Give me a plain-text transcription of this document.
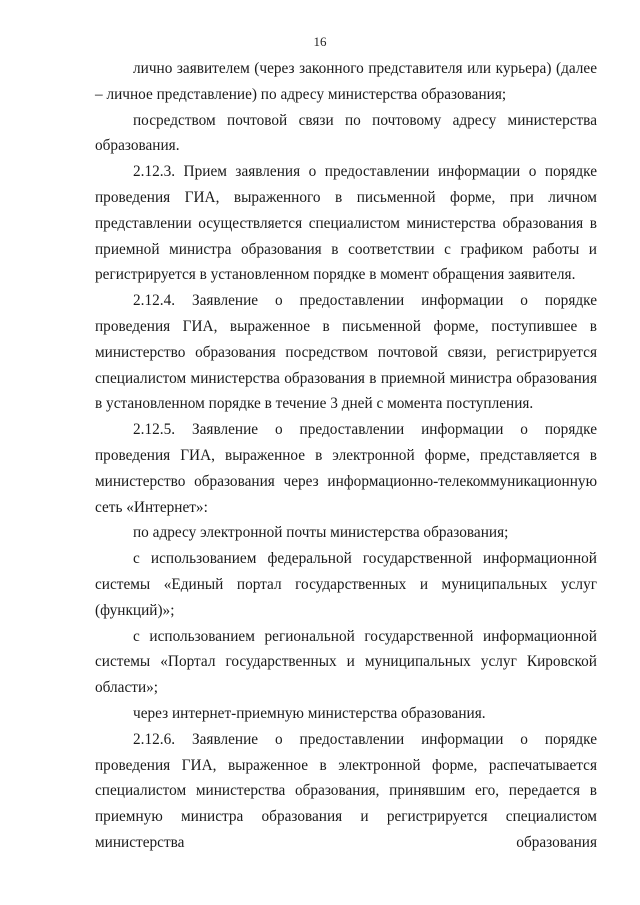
16

лично заявителем (через законного представителя или курьера) (далее – личное представление) по адресу министерства образования;

посредством почтовой связи по почтовому адресу министерства образования.

2.12.3. Прием заявления о предоставлении информации о порядке проведения ГИА, выраженного в письменной форме, при личном представлении осуществляется специалистом министерства образования в приемной министра образования в соответствии с графиком работы и регистрируется в установленном порядке в момент обращения заявителя.

2.12.4. Заявление о предоставлении информации о порядке проведения ГИА, выраженное в письменной форме, поступившее в министерство образования посредством почтовой связи, регистрируется специалистом министерства образования в приемной министра образования в установленном порядке в течение 3 дней с момента поступления.

2.12.5. Заявление о предоставлении информации о порядке проведения ГИА, выраженное в электронной форме, представляется в министерство образования через информационно-телекоммуникационную сеть «Интернет»:

по адресу электронной почты министерства образования;

с использованием федеральной государственной информационной системы «Единый портал государственных и муниципальных услуг (функций)»;

с использованием региональной государственной информационной системы «Портал государственных и муниципальных услуг Кировской области»;

через интернет-приемную министерства образования.

2.12.6. Заявление о предоставлении информации о порядке проведения ГИА, выраженное в электронной форме, распечатывается специалистом министерства образования, принявшим его, передается в приемную министра образования и регистрируется специалистом министерства образования
